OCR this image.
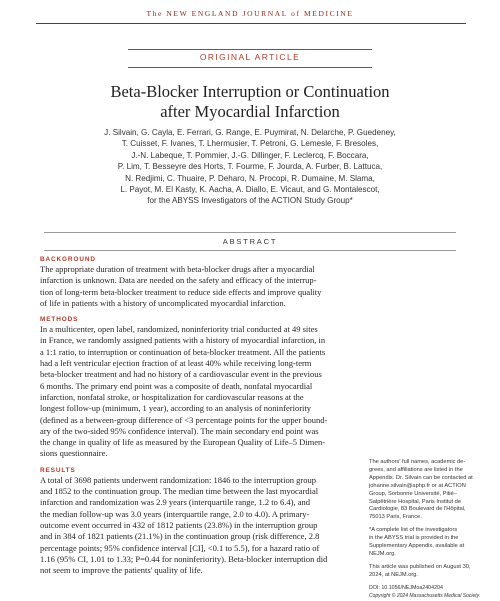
The NEW ENGLAND JOURNAL of MEDICINE
ORIGINAL ARTICLE
Beta-Blocker Interruption or Continuation
after Myocardial Infarction
J. Silvain, G. Cayla, E. Ferrari, G. Range, E. Puymirat, N. Delarche, P. Guedeney,
T. Cuisset, F. Ivanes, T. Lhermusier, T. Petroni, G. Lemesle, F. Bresoles,
J.-N. Labeque, T. Pommier, J.-G. Dillinger, F. Leclercq, F. Boccara,
P. Lim, T. Besseyre des Horts, T. Fourme, F. Jourda, A. Furber, B. Lattuca,
N. Redjimi, C. Thuaire, P. Deharo, N. Procopi, R. Dumaine, M. Slama,
L. Payot, M. El Kasty, K. Aacha, A. Diallo, E. Vicaut, and G. Montalescot,
for the ABYSS Investigators of the ACTION Study Group*
ABSTRACT
BACKGROUND
The appropriate duration of treatment with beta-blocker drugs after a myocardial
infarction is unknown. Data are needed on the safety and efficacy of the interrup-
tion of long-term beta-blocker treatment to reduce side effects and improve quality
of life in patients with a history of uncomplicated myocardial infarction.
METHODS
In a multicenter, open label, randomized, noninferiority trial conducted at 49 sites
in France, we randomly assigned patients with a history of myocardial infarction, in
a 1:1 ratio, to interruption or continuation of beta-blocker treatment. All the patients
had a left ventricular ejection fraction of at least 40% while receiving long-term
beta-blocker treatment and had no history of a cardiovascular event in the previous
6 months. The primary end point was a composite of death, nonfatal myocardial
infarction, nonfatal stroke, or hospitalization for cardiovascular reasons at the
longest follow-up (minimum, 1 year), according to an analysis of noninferiority
(defined as a between-group difference of <3 percentage points for the upper bound-
ary of the two-sided 95% confidence interval). The main secondary end point was
the change in quality of life as measured by the European Quality of Life–5 Dimen-
sions questionnaire.
RESULTS
A total of 3698 patients underwent randomization: 1846 to the interruption group
and 1852 to the continuation group. The median time between the last myocardial
infarction and randomization was 2.9 years (interquartile range, 1.2 to 6.4), and
the median follow-up was 3.0 years (interquartile range, 2.0 to 4.0). A primary-
outcome event occurred in 432 of 1812 patients (23.8%) in the interruption group
and in 384 of 1821 patients (21.1%) in the continuation group (risk difference, 2.8
percentage points; 95% confidence interval [CI], <0.1 to 5.5), for a hazard ratio of
1.16 (95% CI, 1.01 to 1.33; P=0.44 for noninferiority). Beta-blocker interruption did
not seem to improve the patients' quality of life.
The authors' full names, academic de-
grees, and affiliations are listed in the
Appendix. Dr. Silvain can be contacted at
johanne.silvain@aphp.fr or at ACTION
Group, Sorbonne Université, Pitié–
Salpêtrière Hospital, Paris Institut de
Cardiologie, 83 Boulevard de l'Hôpital,
75013 Paris, France.
*A complete list of the investigators
in the ABYSS trial is provided in the
Supplementary Appendix, available at
NEJM.org.
This article was published on August 30,
2024, at NEJM.org.
DOI: 10.1056/NEJMoa2404204
Copyright © 2024 Massachusetts Medical Society.
